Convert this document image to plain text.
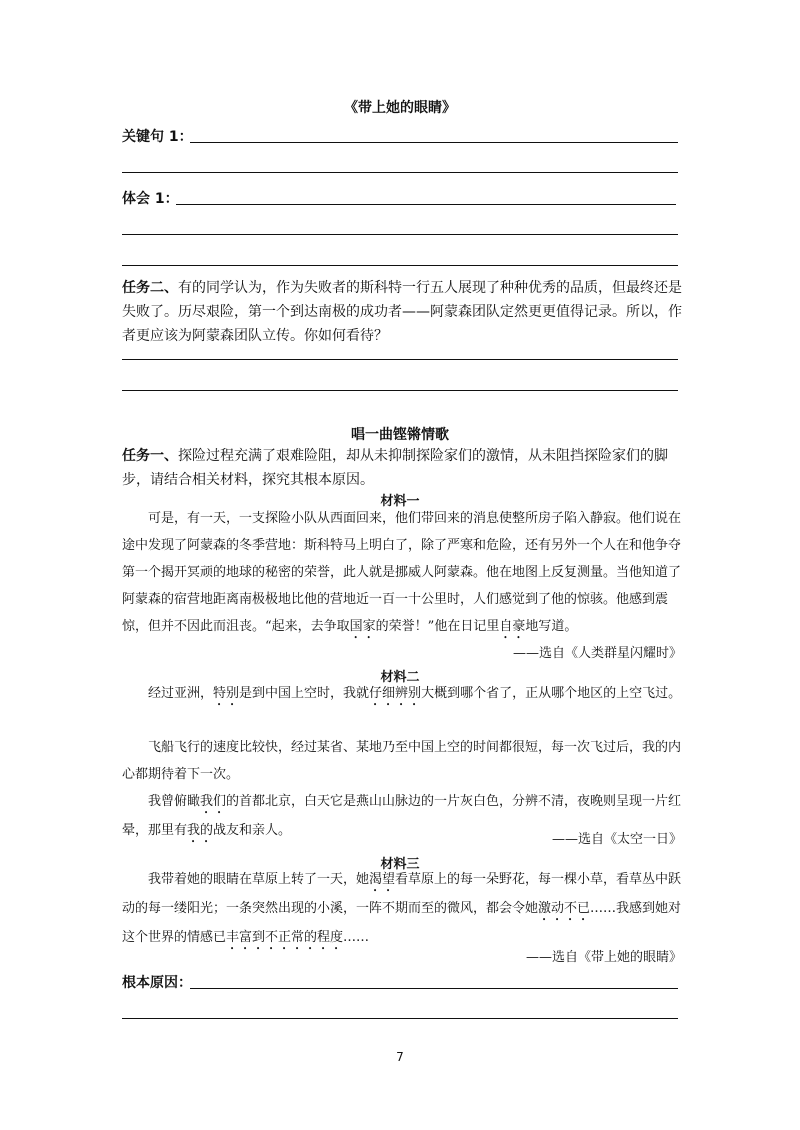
《带上她的眼睛》
关键句 1：
体会 1：
任务二、有的同学认为，作为失败者的斯科特一行五人展现了种种优秀的品质，但最终还是失败了。历尽艰险，第一个到达南极的成功者——阿蒙森团队定然更更值得记录。所以，作者更应该为阿蒙森团队立传。你如何看待？
唱一曲铿锵情歌
任务一、探险过程充满了艰难险阻，却从未抑制探险家们的激情，从未阻挡探险家们的脚步，请结合相关材料，探究其根本原因。
材料一
可是，有一天，一支探险小队从西面回来，他们带回来的消息使整所房子陷入静寂。他们说在途中发现了阿蒙森的冬季营地：斯科特马上明白了，除了严寒和危险，还有另外一个人在和他争夺第一个揭开冥顽的地球的秘密的荣誉，此人就是挪威人阿蒙森。他在地图上反复测量。当他知道了阿蒙森的宿营地距离南极极地比他的营地近一百一十公里时，人们感觉到了他的惊骇。他感到震惊，但并不因此而沮丧。“起来，去争取国家的荣誉！”他在日记里自豪地写道。
——选自《人类群星闪耀时》
材料二
经过亚洲，特别是到中国上空时，我就仔细辨别大概到哪个省了，正从哪个地区的上空飞过。
飞船飞行的速度比较快，经过某省、某地乃至中国上空的时间都很短，每一次飞过后，我的内心都期待着下一次。
我曾俯瞰我们的首都北京，白天它是燕山山脉边的一片灰白色，分辨不清，夜晚则呈现一片红晕，那里有我的战友和亲人。
——选自《太空一日》
材料三
我带着她的眼睛在草原上转了一天，她渴望看草原上的每一朵野花，每一棵小草，看草丛中跃动的每一缕阳光；一条突然出现的小溪，一阵不期而至的微风，都会令她激动不已……我感到她对这个世界的情感已丰富到不正常的程度……
——选自《带上她的眼睛》
根本原因：
7
